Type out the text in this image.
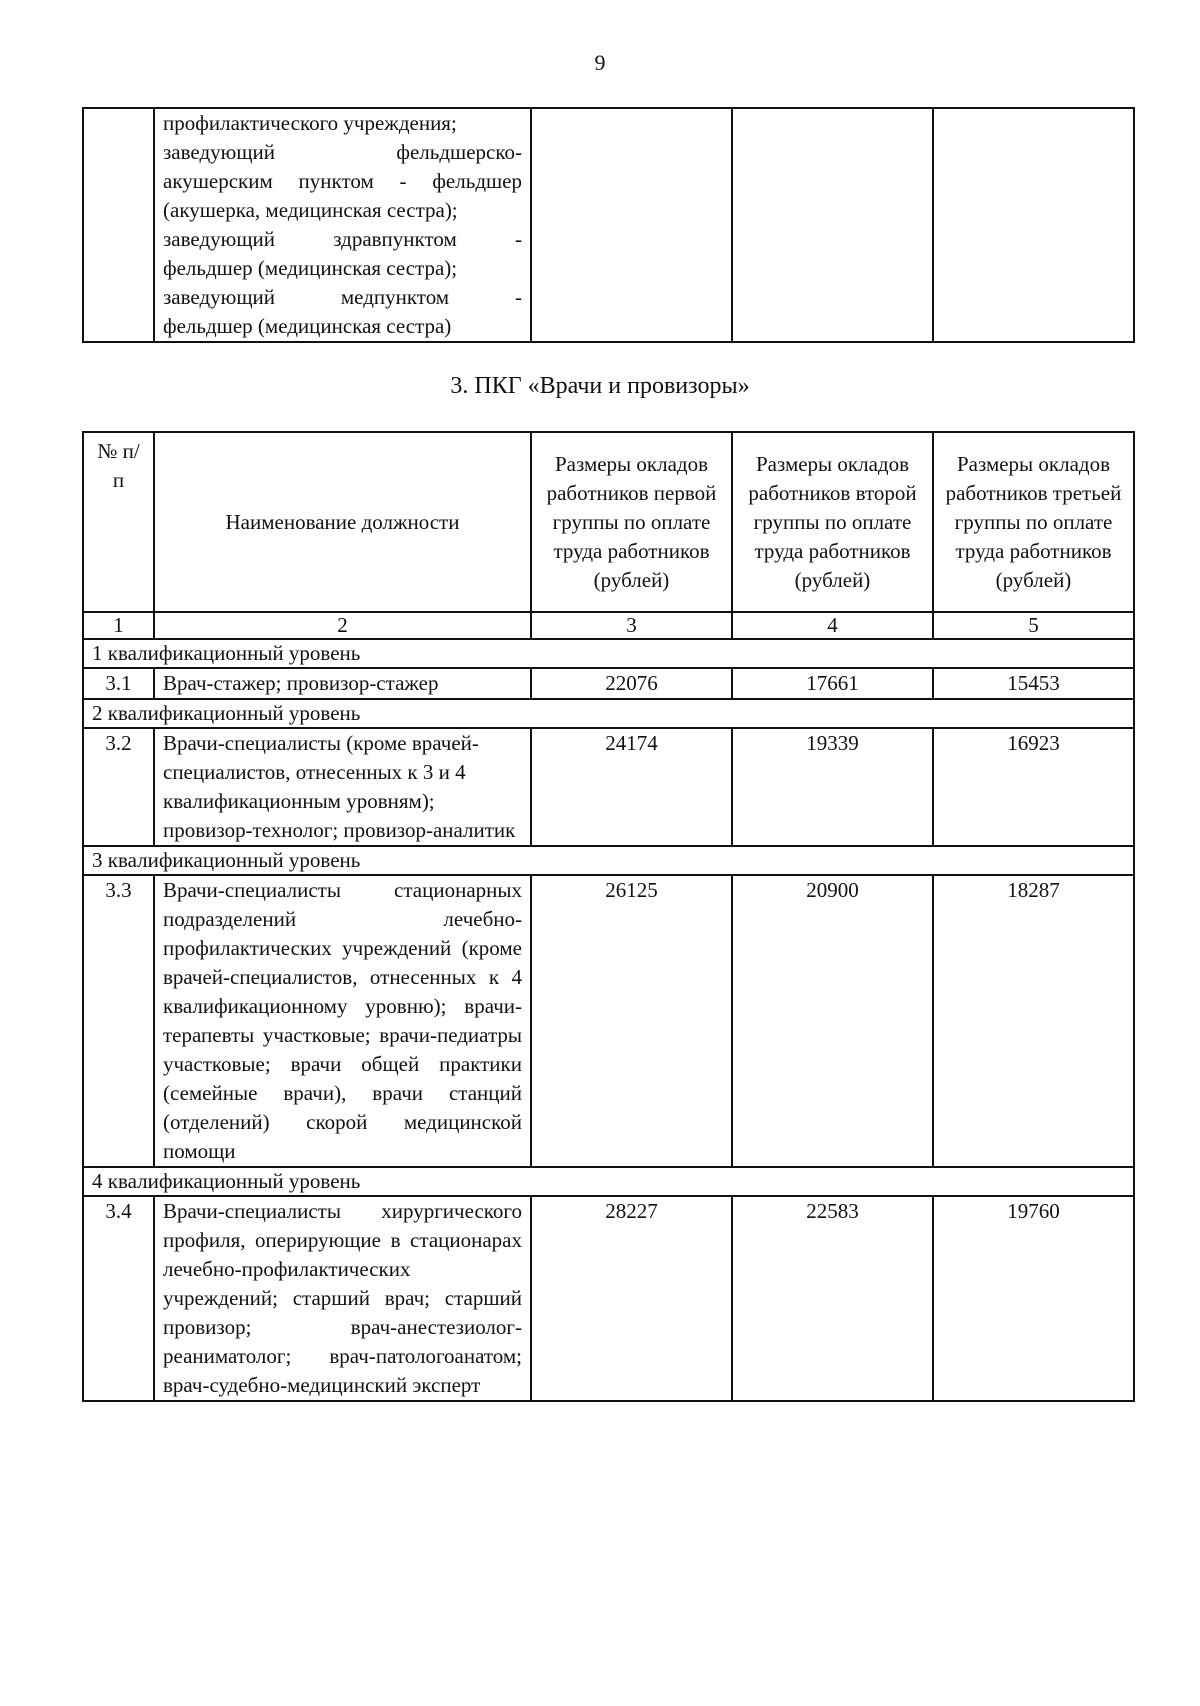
9

профилактического учреждения;
заведующий фельдшерско-
акушерским пунктом - фельдшер
(акушерка, медицинская сестра);
заведующий здравпунктом -
фельдшер (медицинская сестра);
заведующий медпунктом -
фельдшер (медицинская сестра)

3. ПКГ «Врачи и провизоры»
№ п/п	Наименование должности	Размеры окладов работников первой группы по оплате труда работников (рублей)	Размеры окладов работников второй группы по оплате труда работников (рублей)	Размеры окладов работников третьей группы по оплате труда работников (рублей)
1	2	3	4	5
1 квалификационный уровень				
3.1	Врач-стажер; провизор-стажер	22076	17661	15453
2 квалификационный уровень				
3.2	Врачи-специалисты (кроме врачей-специалистов, отнесенных к 3 и 4 квалификационным уровням); провизор-технолог; провизор-аналитик	24174	19339	16923
3 квалификационный уровень				
3.3	Врачи-специалисты стационарных подразделений лечебно-профилактических учреждений (кроме врачей-специалистов, отнесенных к 4 квалификационному уровню); врачи-терапевты участковые; врачи-педиатры участковые; врачи общей практики (семейные врачи), врачи станций (отделений) скорой медицинской помощи	26125	20900	18287
4 квалификационный уровень				
3.4	Врачи-специалисты хирургического профиля, оперирующие в стационарах лечебно-профилактических учреждений; старший врач; старший провизор; врач-анестезиолог-реаниматолог; врач-патологоанатом; врач-судебно-медицинский эксперт	28227	22583	19760
